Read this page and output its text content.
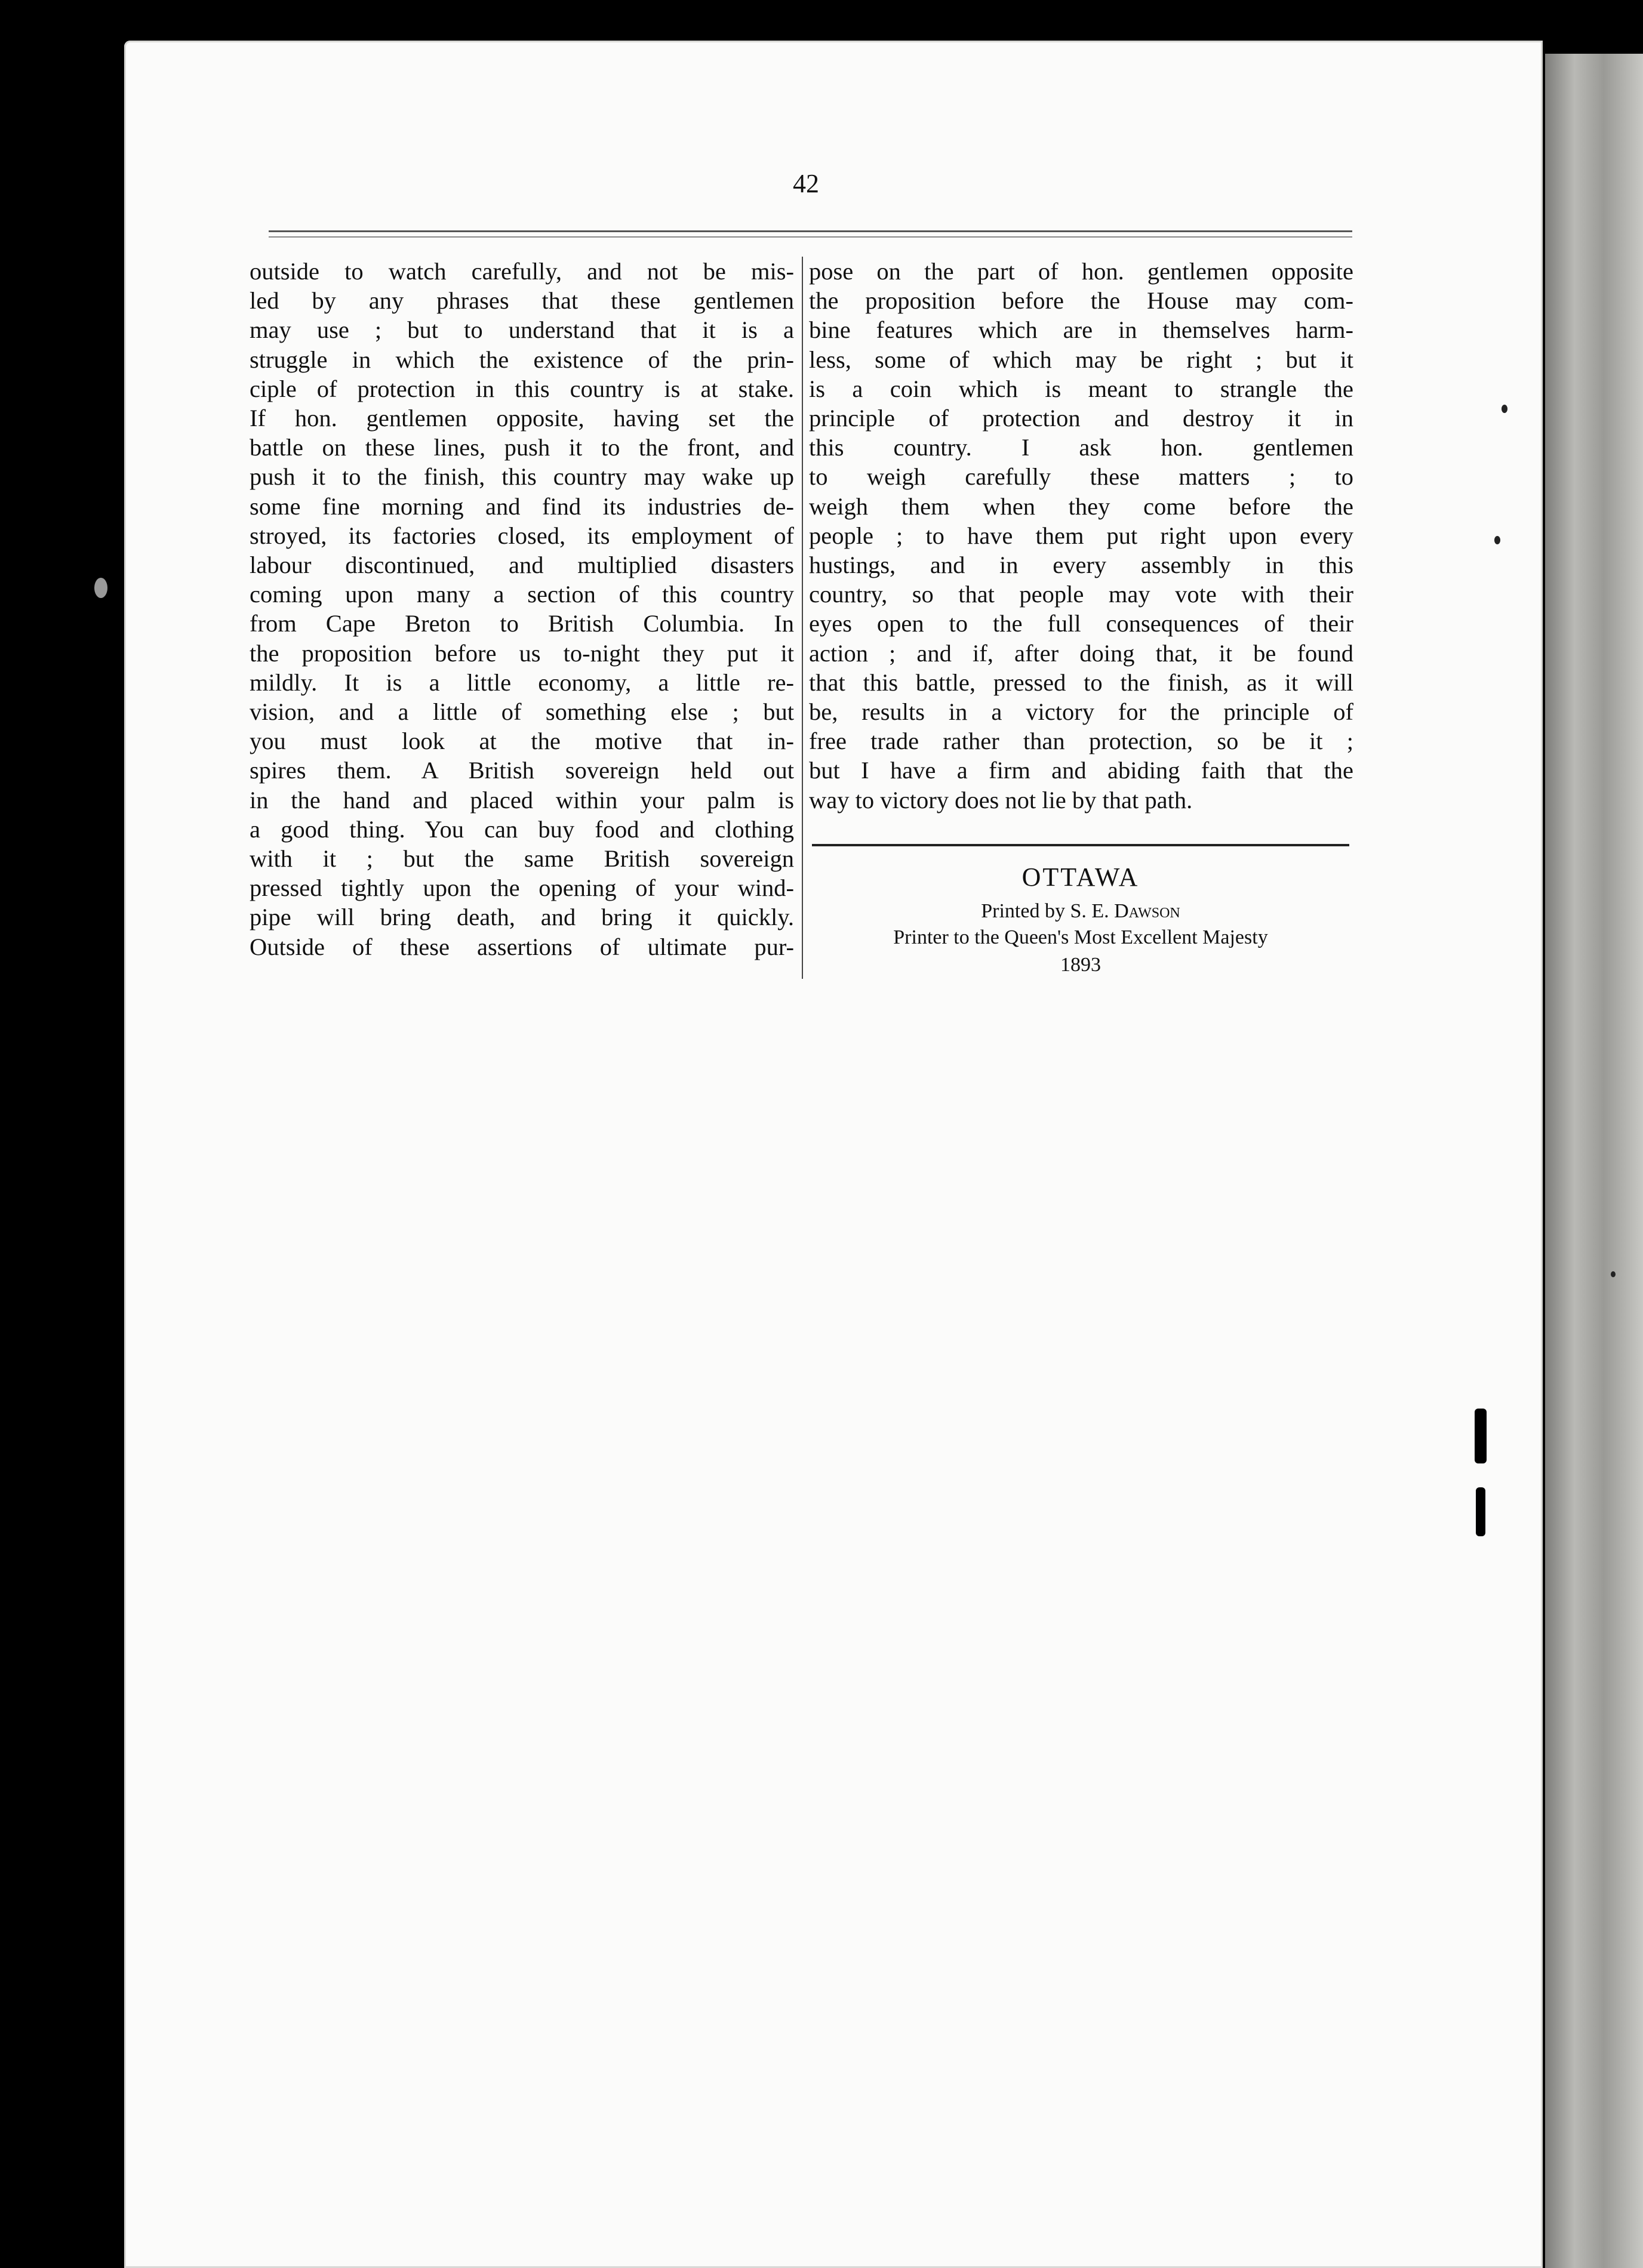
42
outside to watch carefully, and not be mis-
led by any phrases that these gentlemen
may use ; but to understand that it is a
struggle in which the existence of the prin-
ciple of protection in this country is at stake.
If hon. gentlemen opposite, having set the
battle on these lines, push it to the front, and
push it to the finish, this country may wake up
some fine morning and find its industries de-
stroyed, its factories closed, its employment of
labour discontinued, and multiplied disasters
coming upon many a section of this country
from Cape Breton to British Columbia. In
the proposition before us to-night they put it
mildly. It is a little economy, a little re-
vision, and a little of something else ; but
you must look at the motive that in-
spires them. A British sovereign held out
in the hand and placed within your palm is
a good thing. You can buy food and clothing
with it ; but the same British sovereign
pressed tightly upon the opening of your wind-
pipe will bring death, and bring it quickly.
Outside of these assertions of ultimate pur-
pose on the part of hon. gentlemen opposite
the proposition before the House may com-
bine features which are in themselves harm-
less, some of which may be right ; but it
is a coin which is meant to strangle the
principle of protection and destroy it in
this country. I ask hon. gentlemen
to weigh carefully these matters ; to
weigh them when they come before the
people ; to have them put right upon every
hustings, and in every assembly in this
country, so that people may vote with their
eyes open to the full consequences of their
action ; and if, after doing that, it be found
that this battle, pressed to the finish, as it will
be, results in a victory for the principle of
free trade rather than protection, so be it ;
but I have a firm and abiding faith that the
way to victory does not lie by that path.
OTTAWA
Printed by S. E. Dawson
Printer to the Queen's Most Excellent Majesty
1893
